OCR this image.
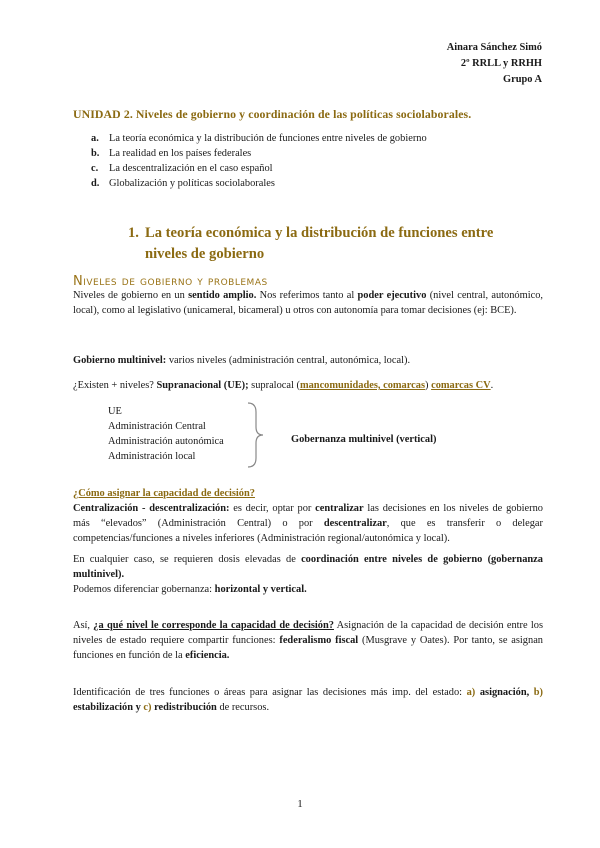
Ainara Sánchez Simó
2º RRLL y RRHH
Grupo A
UNIDAD 2. Niveles de gobierno y coordinación de las políticas sociolaborales.
a. La teoría económica y la distribución de funciones entre niveles de gobierno
b. La realidad en los países federales
c.	La descentralización en el caso español
d. Globalización y políticas sociolaborales
1. La teoría económica y la distribución de funciones entre niveles de gobierno
Niveles de gobierno y problemas

Niveles de gobierno en un sentido amplio. Nos referimos tanto al poder ejecutivo (nivel central, autonómico, local), como al legislativo (unicameral, bicameral) u otros con autonomía para tomar decisiones (ej: BCE).

Gobierno multinivel: varios niveles (administración central, autonómica, local).

¿Existen + niveles? Supranacional (UE); supralocal (mancomunidades, comarcas) comarcas CV.

UE
Administración Central
Administración autonómica
Administración local
Gobernanza multinivel (vertical)
¿Cómo asignar la capacidad de decisión?

Centralización - descentralización: es decir, optar por centralizar las decisiones en los niveles de gobierno más “elevados” (Administración Central) o por descentralizar, que es transferir o delegar competencias/funciones a niveles inferiores (Administración regional/autonómica y local).

En cualquier caso, se requieren dosis elevadas de coordinación entre niveles de gobierno (gobernanza multinivel).
Podemos diferenciar gobernanza: horizontal y vertical.

Así, ¿a qué nivel le corresponde la capacidad de decisión? Asignación de la capacidad de decisión entre los niveles de estado requiere compartir funciones: federalismo fiscal (Musgrave y Oates). Por tanto, se asignan funciones en función de la eficiencia.

Identificación de tres funciones o áreas para asignar las decisiones más imp. del estado: a) asignación, b) estabilización y c) redistribución de recursos.

1
